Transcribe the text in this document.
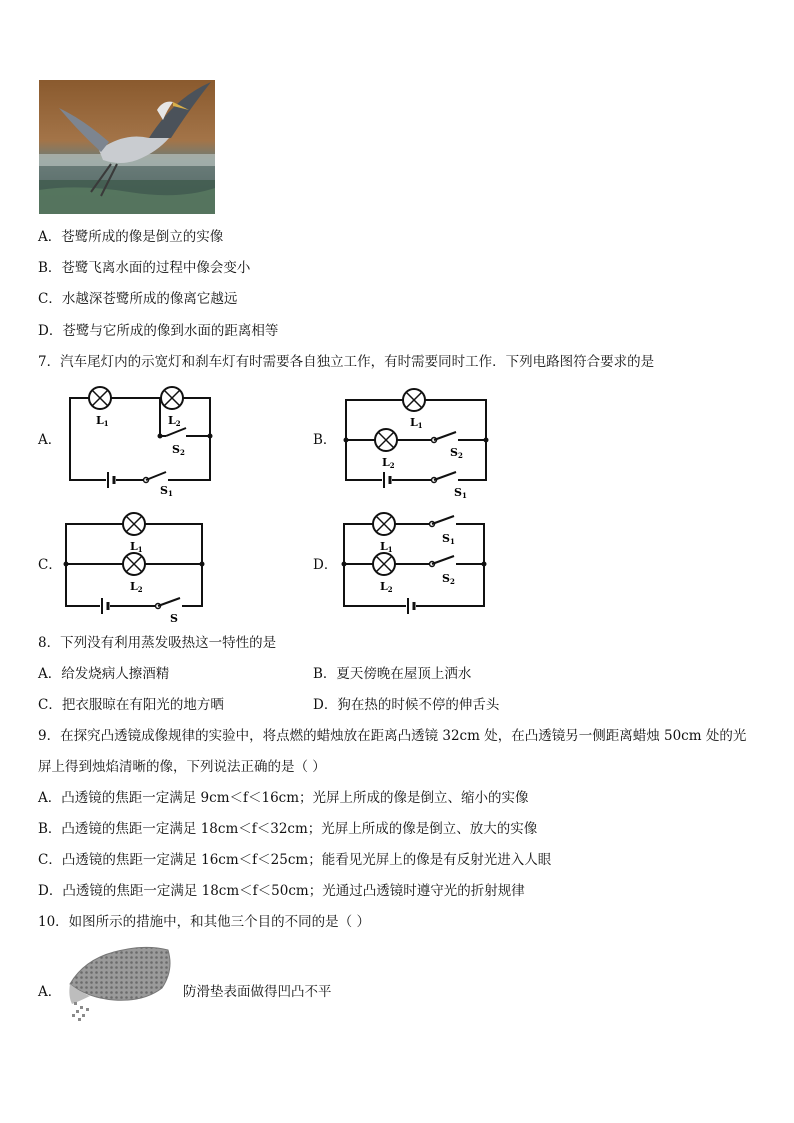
A．苍鹭所成的像是倒立的实像
B．苍鹭飞离水面的过程中像会变小
C．水越深苍鹭所成的像离它越远
D．苍鹭与它所成的像到水面的距离相等
7．汽车尾灯内的示宽灯和刹车灯有时需要各自独立工作，有时需要同时工作．下列电路图符合要求的是
A．	B．
C．	D．
L1	L2
S2
S1
L1
L2
S2
S1
L1
L2
S
L1
L2
S1
S2
8．下列没有利用蒸发吸热这一特性的是
A．给发烧病人擦酒精	B．夏天傍晚在屋顶上洒水
C．把衣服晾在有阳光的地方晒	D．狗在热的时候不停的伸舌头
9．在探究凸透镜成像规律的实验中，将点燃的蜡烛放在距离凸透镜 32cm 处，在凸透镜另一侧距离蜡烛 50cm 处的光
屏上得到烛焰清晰的像，下列说法正确的是（ ）
A．凸透镜的焦距一定满足 9cm＜f＜16cm；光屏上所成的像是倒立、缩小的实像
B．凸透镜的焦距一定满足 18cm＜f＜32cm；光屏上所成的像是倒立、放大的实像
C．凸透镜的焦距一定满足 16cm＜f＜25cm；能看见光屏上的像是有反射光进入人眼
D．凸透镜的焦距一定满足 18cm＜f＜50cm；光通过凸透镜时遵守光的折射规律
10．如图所示的措施中，和其他三个目的不同的是（ ）
A．	防滑垫表面做得凹凸不平
